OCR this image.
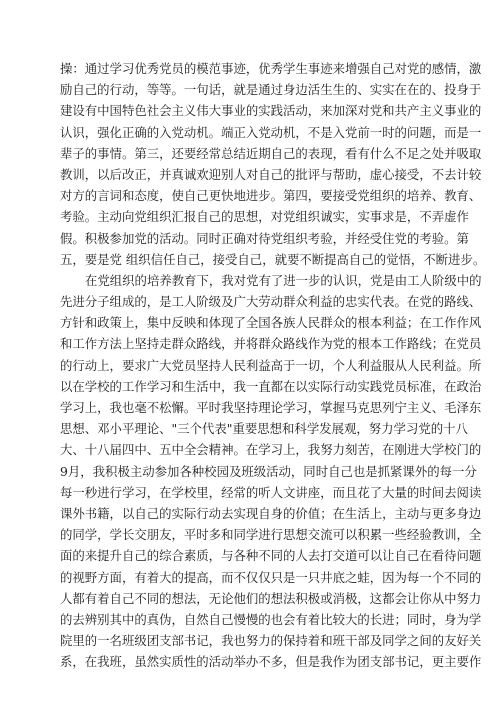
操：通过学习优秀党员的模范事迹，优秀学生事迹来增强自己对党的感情，激
励自己的行动，等等。一句话，就是通过身边活生生的、实实在在的、投身于
建设有中国特色社会主义伟大事业的实践活动，来加深对党和共产主义事业的
认识，强化正确的入党动机。端正入党动机，不是入党前一时的问题，而是一
辈子的事情。第三，还要经常总结近期自己的表现，看有什么不足之处并吸取
教训，以后改正，并真诚欢迎别人对自己的批评与帮助，虚心接受，不去计较
对方的言词和态度，使自己更快地进步。第四，要接受党组织的培养、教育、
考验。主动向党组织汇报自己的思想，对党组织诚实，实事求是，不弄虚作
假。积极参加党的活动。同时正确对待党组织考验，并经受住党的考验。第
五，要是党 组织信任自己，接受自己，就要不断提高自己的觉悟，不断进步。
在党组织的培养教育下，我对党有了进一步的认识，党是由工人阶级中的
先进分子组成的，是工人阶级及广大劳动群众利益的忠实代表。在党的路线、
方针和政策上，集中反映和体现了全国各族人民群众的根本利益；在工作作风
和工作方法上坚持走群众路线，并将群众路线作为党的根本工作路线；在党员
的行动上，要求广大党员坚持人民利益高于一切，个人利益服从人民利益。所
以在学校的工作学习和生活中，我一直都在以实际行动实践党员标准，在政治
学习上，我也毫不松懈。平时我坚持理论学习，掌握马克思列宁主义、毛泽东
思想、邓小平理论、"三个代表"重要思想和科学发展观，努力学习党的十八
大、十八届四中、五中全会精神。在学习上，我努力刻苦，在刚进大学校门的
9月，我积极主动参加各种校园及班级活动，同时自己也是抓紧课外的每一分
每一秒进行学习，在学校里，经常的听人文讲座，而且花了大量的时间去阅读
课外书籍，以自己的实际行动去实现自身的价值；在生活上，主动与更多身边
的同学，学长交朋友，平时多和同学进行思想交流可以积累一些经验教训，全
面的来提升自己的综合素质，与各种不同的人去打交道可以让自己在看待问题
的视野方面，有着大的提高，而不仅仅只是一只井底之蛙，因为每一个不同的
人都有着自己不同的想法，无论他们的想法积极或消极，这都会让你从中努力
的去辨别其中的真伪，自然自己慢慢的也会有着比较大的长进；同时，身为学
院里的一名班级团支部书记，我也努力的保持着和班干部及同学之间的友好关
系，在我班，虽然实质性的活动举办不多，但是我作为团支部书记，更主要作
